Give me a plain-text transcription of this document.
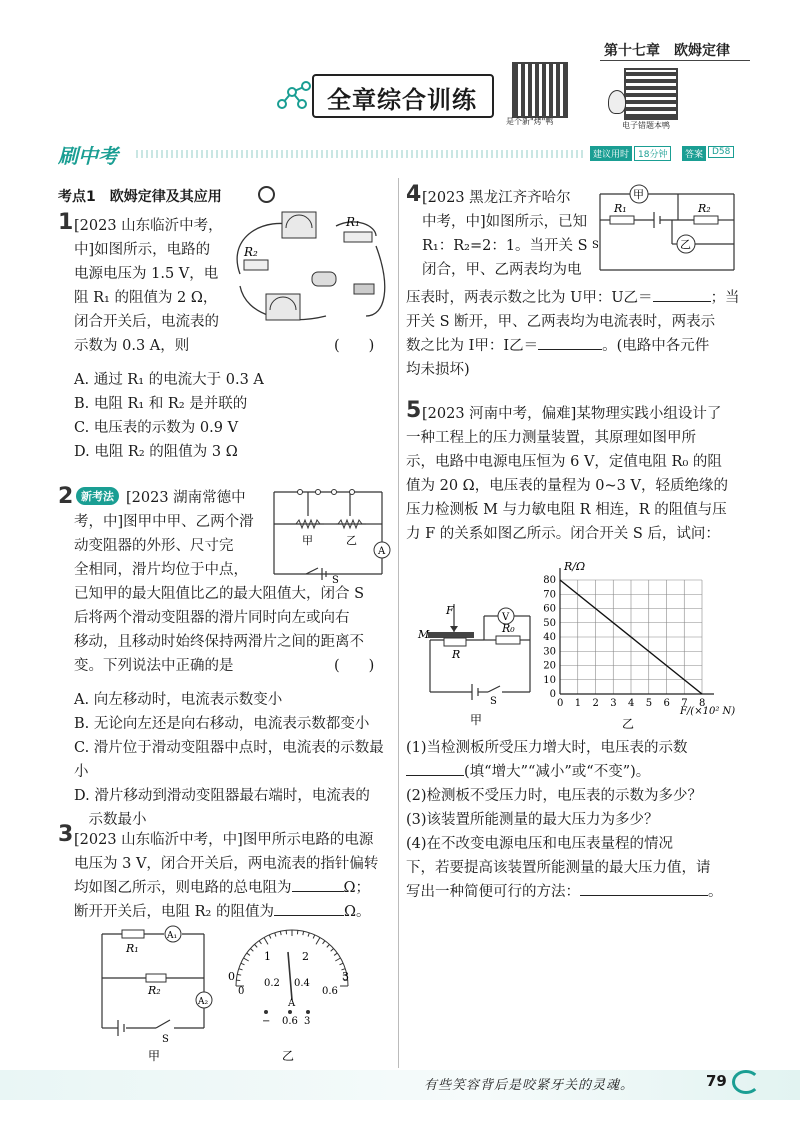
第十七章　欧姆定律
全章综合训练
是个新"烤"鸭	电子错题本鸭
刷中考	建议用时 18分钟	答案 D58
考点1　欧姆定律及其应用
1 [2023 山东临沂中考，
中]如图所示，电路的
电源电压为 1.5 V，电
阻 R₁ 的阻值为 2 Ω，
闭合开关后，电流表的
示数为 0.3 A，则	(　　)
A. 通过 R₁ 的电流大于 0.3 A
B. 电阻 R₁ 和 R₂ 是并联的
C. 电压表的示数为 0.9 V
D. 电阻 R₂ 的阻值为 3 Ω
R₁
R₂
2 新考法 [2023 湖南常德中
考，中]图甲中甲、乙两个滑
动变阻器的外形、尺寸完
全相同，滑片均位于中点，
已知甲的最大阻值比乙的最大阻值大，闭合 S
后将两个滑动变阻器的滑片同时向左或向右
移动，且移动时始终保持两滑片之间的距离不
变。下列说法中正确的是	(　　)
A. 向左移动时，电流表示数变小
B. 无论向左还是向右移动，电流表示数都变小
C. 滑片位于滑动变阻器中点时，电流表的示数最小
D. 滑片移动到滑动变阻器最右端时，电流表的
　示数最小
A
甲	乙
S
3 [2023 山东临沂中考，中]图甲所示电路的电源
电压为 3 V，闭合开关后，两电流表的指针偏转
均如图乙所示，则电路的总电阻为	Ω；
断开开关后，电阻 R₂ 的阻值为	Ω。
A₁
A₂
R₁
R₂
S
甲
0
1	2
3
0
0.2 0.4
0.6
A
− 0.6 3
乙
4 [2023 黑龙江齐齐哈尔
中考，中]如图所示，已知
R₁：R₂=2：1。当开关 S
闭合，甲、乙两表均为电
压表时，两表示数之比为 U甲：U乙＝	；当
开关 S 断开，甲、乙两表均为电流表时，两表示
数之比为 I甲：I乙＝	。(电路中各元件
均未损坏)
甲
乙
R₁	R₂
S
5 [2023 河南中考，偏难]某物理实践小组设计了
一种工程上的压力测量装置，其原理如图甲所
示，电路中电源电压恒为 6 V，定值电阻 R₀ 的阻
值为 20 Ω，电压表的量程为 0~3 V，轻质绝缘的
压力检测板 M 与力敏电阻 R 相连，R 的阻值与压
力 F 的关系如图乙所示。闭合开关 S 后，试问：
V
F
M
R
R₀
S
甲
0 1 2 3 4 5 6 7 8
0
10
20
30
40
50
60
70
80
R/Ω
F/(×10² N)
乙
(1)当检测板所受压力增大时，电压表的示数
(填“增大”“减小”或“不变”)。
(2)检测板不受压力时，电压表的示数为多少？
(3)该装置所能测量的最大压力为多少？
(4)在不改变电源电压和电压表量程的情况
下，若要提高该装置所能测量的最大压力值，请
写出一种简便可行的方法：	。
有些笑容背后是咬紧牙关的灵魂。	79
